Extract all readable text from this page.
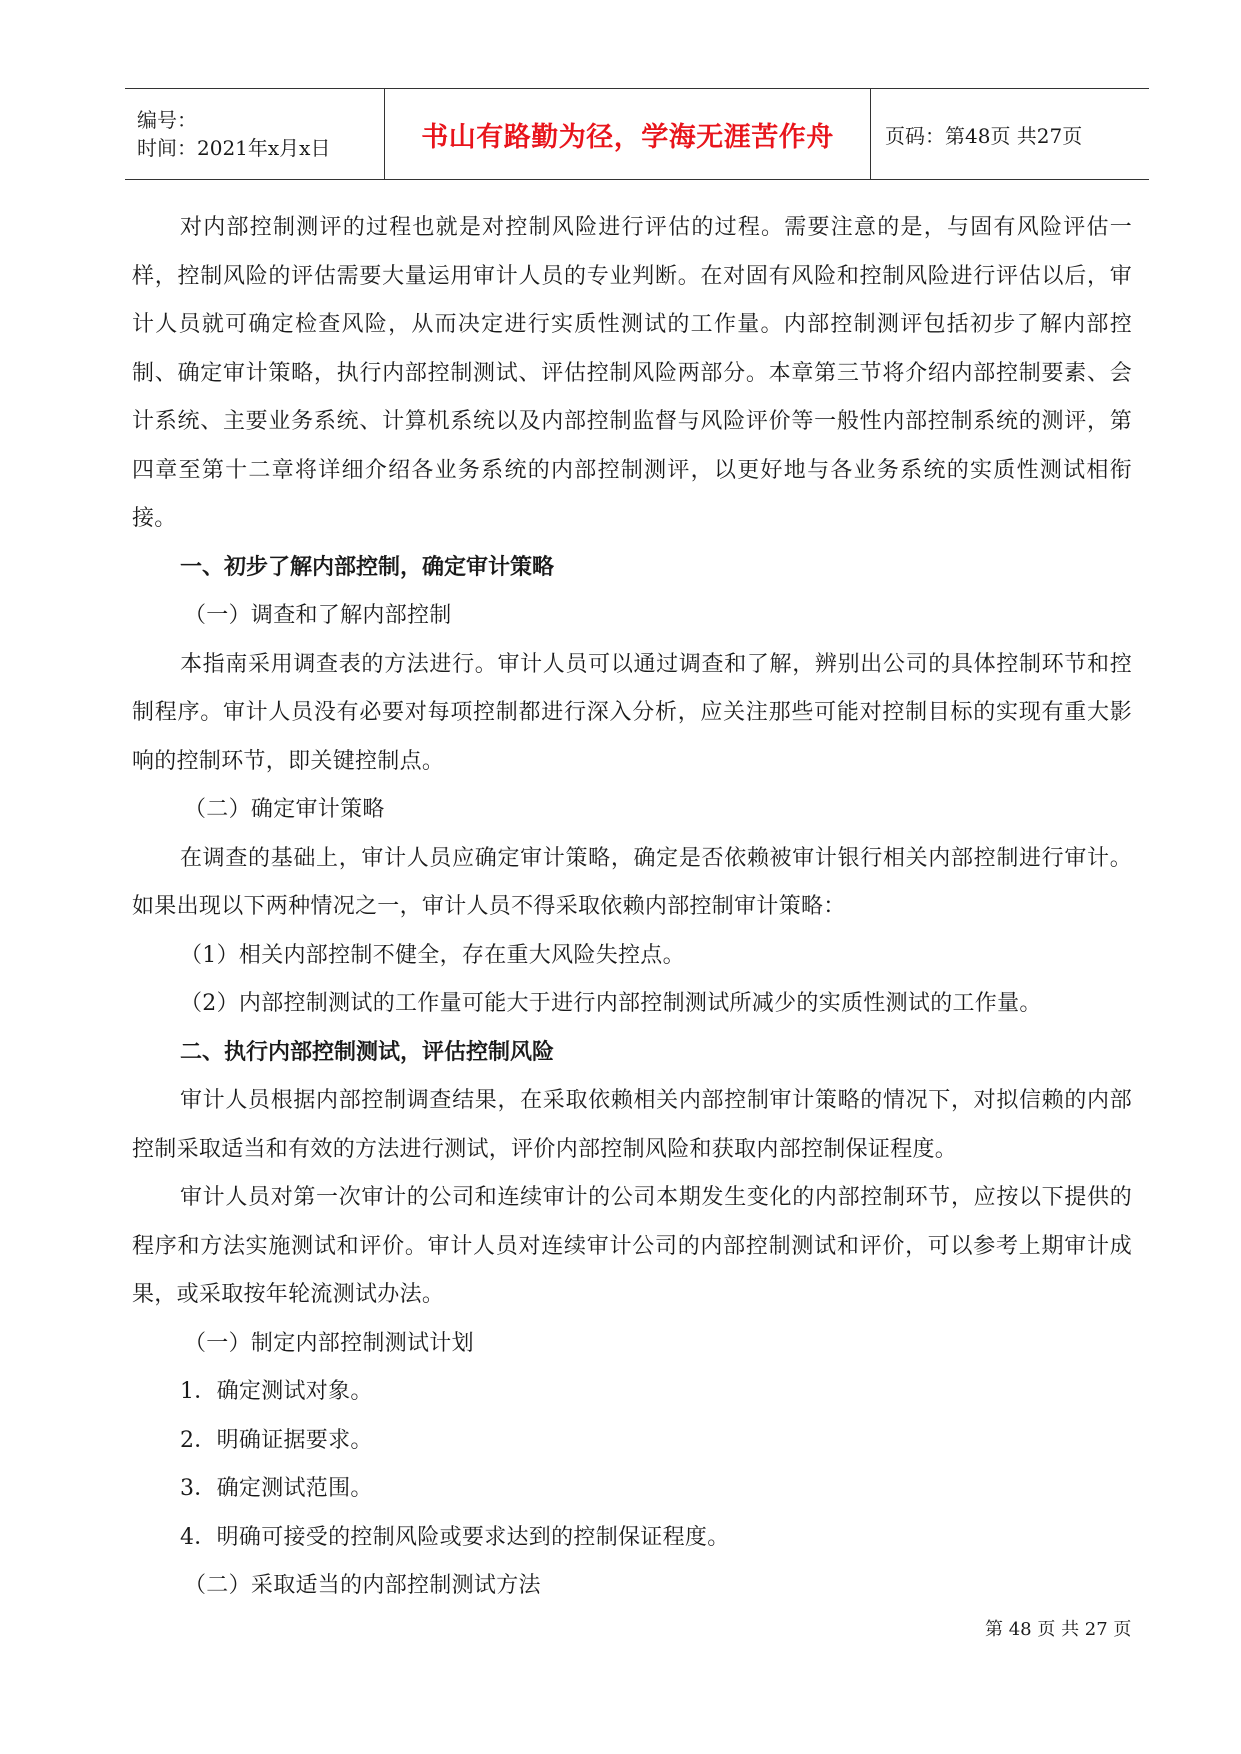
编号：
时间：2021年x月x日	书山有路勤为径，学海无涯苦作舟	页码：第48页 共27页

对内部控制测评的过程也就是对控制风险进行评估的过程。需要注意的是，与固有风险评估一样，控制风险的评估需要大量运用审计人员的专业判断。在对固有风险和控制风险进行评估以后，审计人员就可确定检查风险，从而决定进行实质性测试的工作量。内部控制测评包括初步了解内部控制、确定审计策略，执行内部控制测试、评估控制风险两部分。本章第三节将介绍内部控制要素、会计系统、主要业务系统、计算机系统以及内部控制监督与风险评价等一般性内部控制系统的测评，第四章至第十二章将详细介绍各业务系统的内部控制测评，以更好地与各业务系统的实质性测试相衔接。

一、初步了解内部控制，确定审计策略

（一）调查和了解内部控制

本指南采用调查表的方法进行。审计人员可以通过调查和了解，辨别出公司的具体控制环节和控制程序。审计人员没有必要对每项控制都进行深入分析，应关注那些可能对控制目标的实现有重大影响的控制环节，即关键控制点。

（二）确定审计策略

在调查的基础上，审计人员应确定审计策略，确定是否依赖被审计银行相关内部控制进行审计。如果出现以下两种情况之一，审计人员不得采取依赖内部控制审计策略：

（1）相关内部控制不健全，存在重大风险失控点。

（2）内部控制测试的工作量可能大于进行内部控制测试所减少的实质性测试的工作量。

二、执行内部控制测试，评估控制风险

审计人员根据内部控制调查结果，在采取依赖相关内部控制审计策略的情况下，对拟信赖的内部控制采取适当和有效的方法进行测试，评价内部控制风险和获取内部控制保证程度。

审计人员对第一次审计的公司和连续审计的公司本期发生变化的内部控制环节，应按以下提供的程序和方法实施测试和评价。审计人员对连续审计公司的内部控制测试和评价，可以参考上期审计成果，或采取按年轮流测试办法。

（一）制定内部控制测试计划

1．确定测试对象。

2．明确证据要求。

3．确定测试范围。

4．明确可接受的控制风险或要求达到的控制保证程度。

（二）采取适当的内部控制测试方法

第 48 页 共 27 页
